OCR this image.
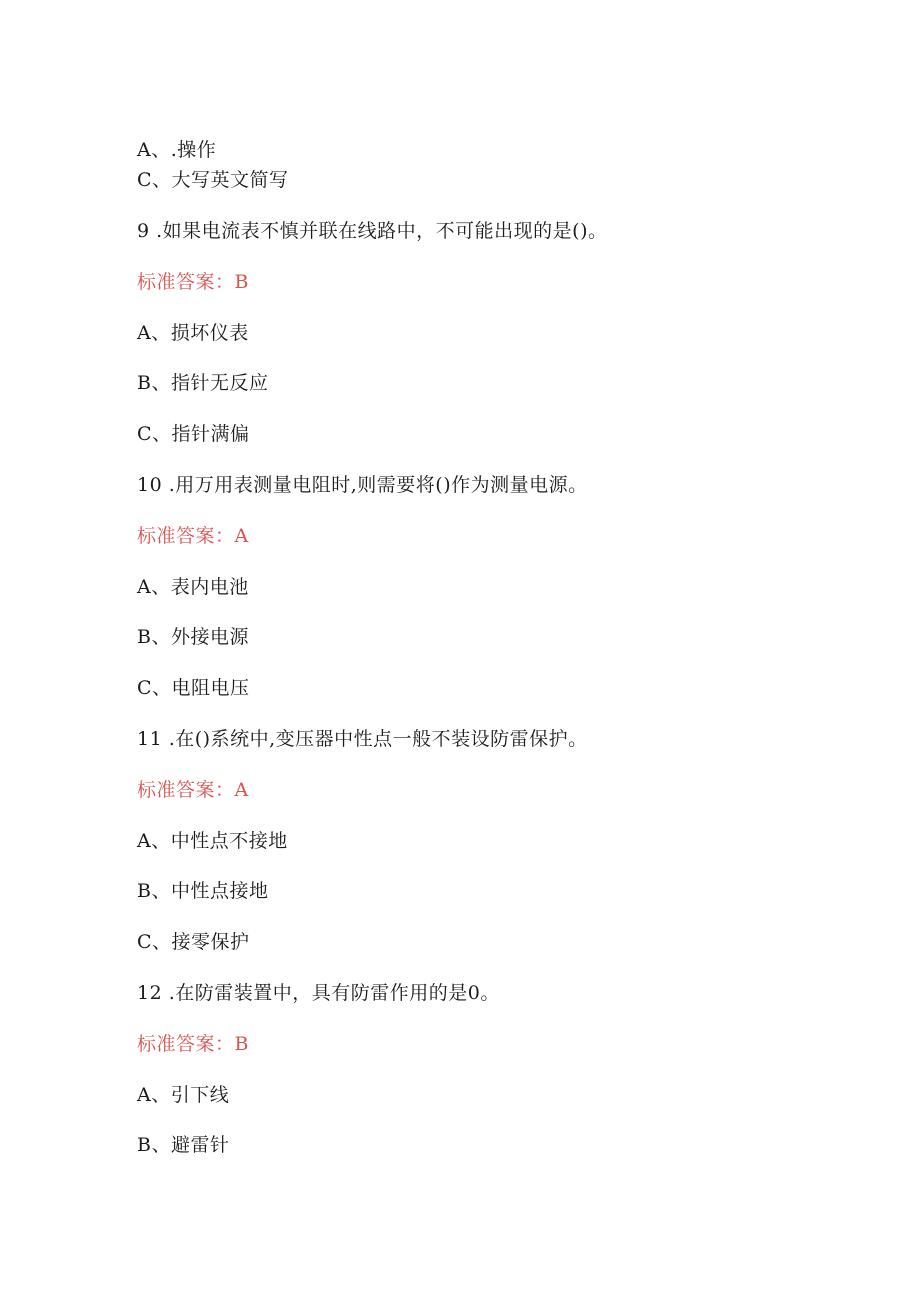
A、.操作
C、大写英文简写
9 .如果电流表不慎并联在线路中，不可能出现的是()。
标准答案：B
A、损坏仪表
B、指针无反应
C、指针满偏
10 .用万用表测量电阻时,则需要将()作为测量电源。
标准答案：A
A、表内电池
B、外接电源
C、电阻电压
11 .在()系统中,变压器中性点一般不装设防雷保护。
标准答案：A
A、中性点不接地
B、中性点接地
C、接零保护
12 .在防雷装置中，具有防雷作用的是0。
标准答案：B
A、引下线
B、避雷针
